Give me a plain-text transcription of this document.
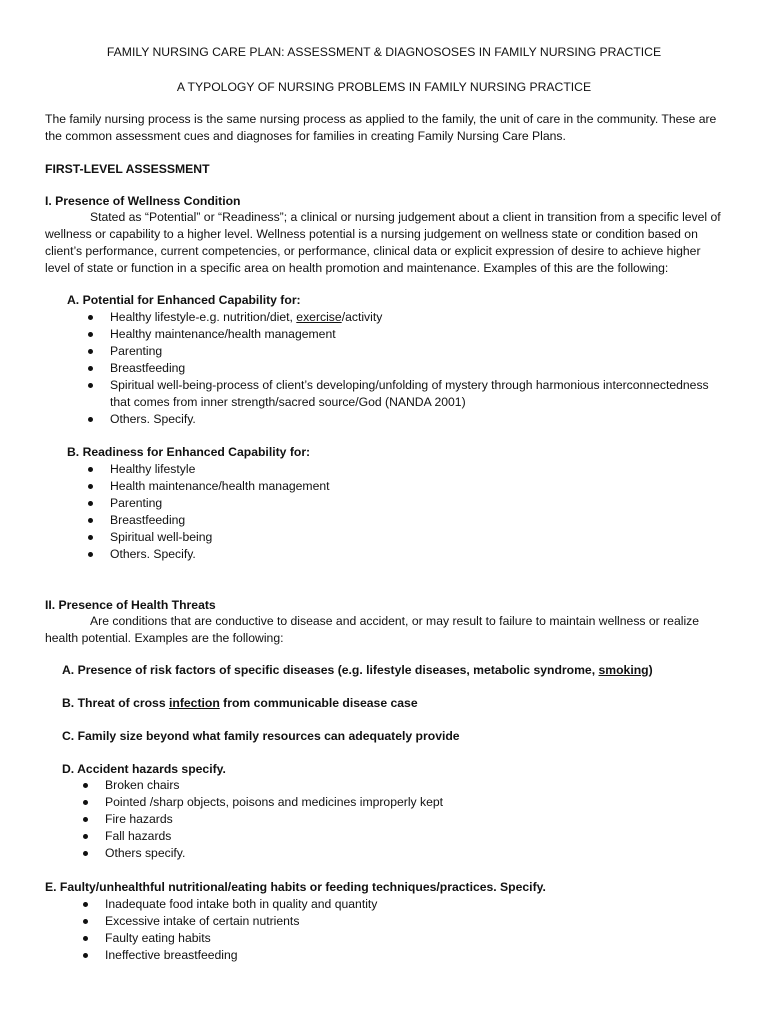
FAMILY NURSING CARE PLAN: ASSESSMENT & DIAGNOSOSES IN FAMILY NURSING PRACTICE
A TYPOLOGY OF NURSING PROBLEMS IN FAMILY NURSING PRACTICE
The family nursing process is the same nursing process as applied to the family, the unit of care in the community. These are the common assessment cues and diagnoses for families in creating Family Nursing Care Plans.
FIRST-LEVEL ASSESSMENT
I. Presence of Wellness Condition
Stated as “Potential” or “Readiness”; a clinical or nursing judgement about a client in transition from a specific level of wellness or capability to a higher level. Wellness potential is a nursing judgement on wellness state or condition based on client’s performance, current competencies, or performance, clinical data or explicit expression of desire to achieve higher level of state or function in a specific area on health promotion and maintenance. Examples of this are the following:
A. Potential for Enhanced Capability for:
Healthy lifestyle-e.g. nutrition/diet, exercise/activity
Healthy maintenance/health management
Parenting
Breastfeeding
Spiritual well-being-process of client’s developing/unfolding of mystery through harmonious interconnectedness that comes from inner strength/sacred source/God (NANDA 2001)
Others. Specify.
B. Readiness for Enhanced Capability for:
Healthy lifestyle
Health maintenance/health management
Parenting
Breastfeeding
Spiritual well-being
Others. Specify.
II. Presence of Health Threats
Are conditions that are conductive to disease and accident, or may result to failure to maintain wellness or realize health potential. Examples are the following:
A. Presence of risk factors of specific diseases (e.g. lifestyle diseases, metabolic syndrome, smoking)
B. Threat of cross infection from communicable disease case
C. Family size beyond what family resources can adequately provide
D. Accident hazards specify.
Broken chairs
Pointed /sharp objects, poisons and medicines improperly kept
Fire hazards
Fall hazards
Others specify.
E. Faulty/unhealthful nutritional/eating habits or feeding techniques/practices. Specify.
Inadequate food intake both in quality and quantity
Excessive intake of certain nutrients
Faulty eating habits
Ineffective breastfeeding
